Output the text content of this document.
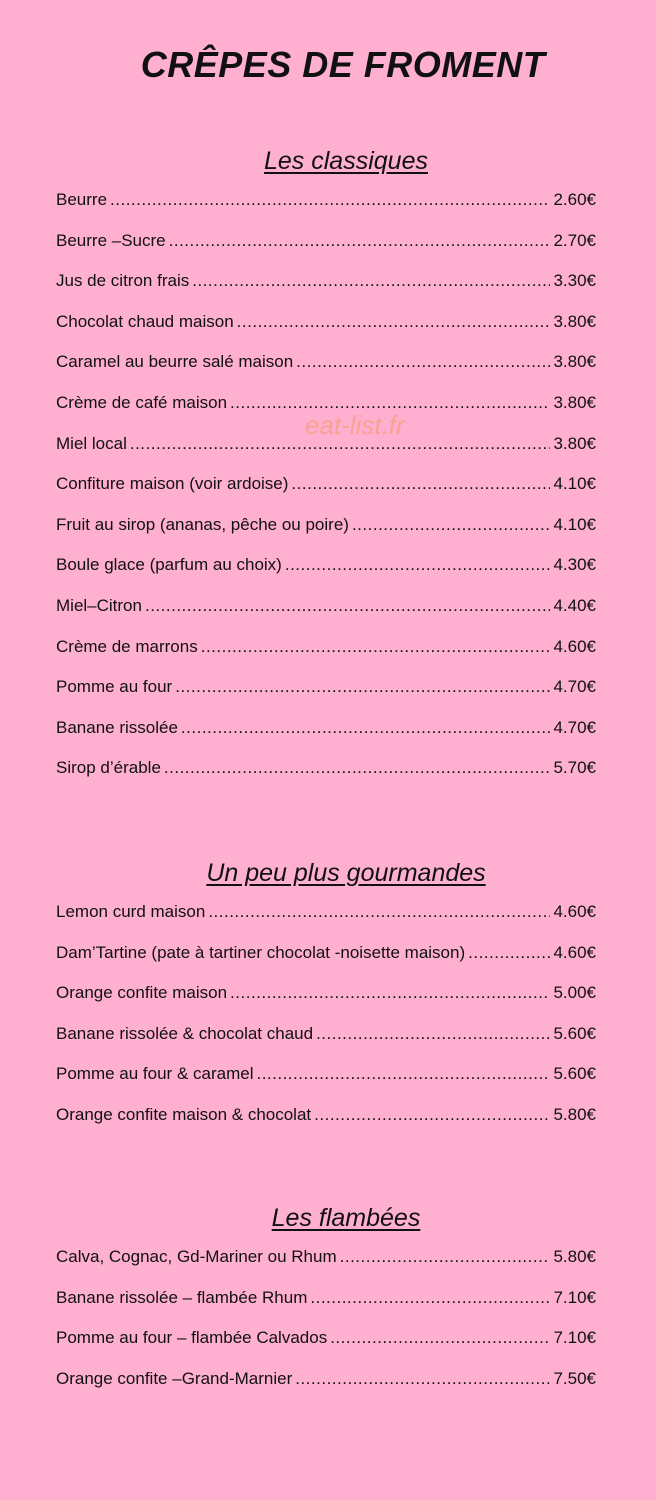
CRÊPES DE FROMENT
Les classiques
Beurre .....	2.60€
Beurre –Sucre .....	2.70€
Jus de citron frais .....	3.30€
Chocolat chaud maison .....	3.80€
Caramel au beurre salé maison .....	3.80€
Crème de café maison .....	3.80€
Miel local .....	3.80€
Confiture maison (voir ardoise) .....	4.10€
Fruit au sirop (ananas, pêche ou poire) .....	4.10€
Boule glace (parfum au choix) .....	4.30€
Miel–Citron .....	4.40€
Crème de marrons .....	4.60€
Pomme au four .....	4.70€
Banane rissolée .....	4.70€
Sirop d’érable .....	5.70€
Un peu plus gourmandes
Lemon curd maison .....	4.60€
Dam’Tartine (pate à tartiner chocolat -noisette maison) .....	4.60€
Orange confite maison .....	5.00€
Banane rissolée & chocolat chaud .....	5.60€
Pomme au four & caramel .....	5.60€
Orange confite maison & chocolat .....	5.80€
Les flambées
Calva, Cognac, Gd-Mariner ou Rhum .....	5.80€
Banane rissolée – flambée Rhum .....	7.10€
Pomme au four – flambée Calvados .....	7.10€
Orange confite –Grand-Marnier .....	7.50€
eat-list.fr
